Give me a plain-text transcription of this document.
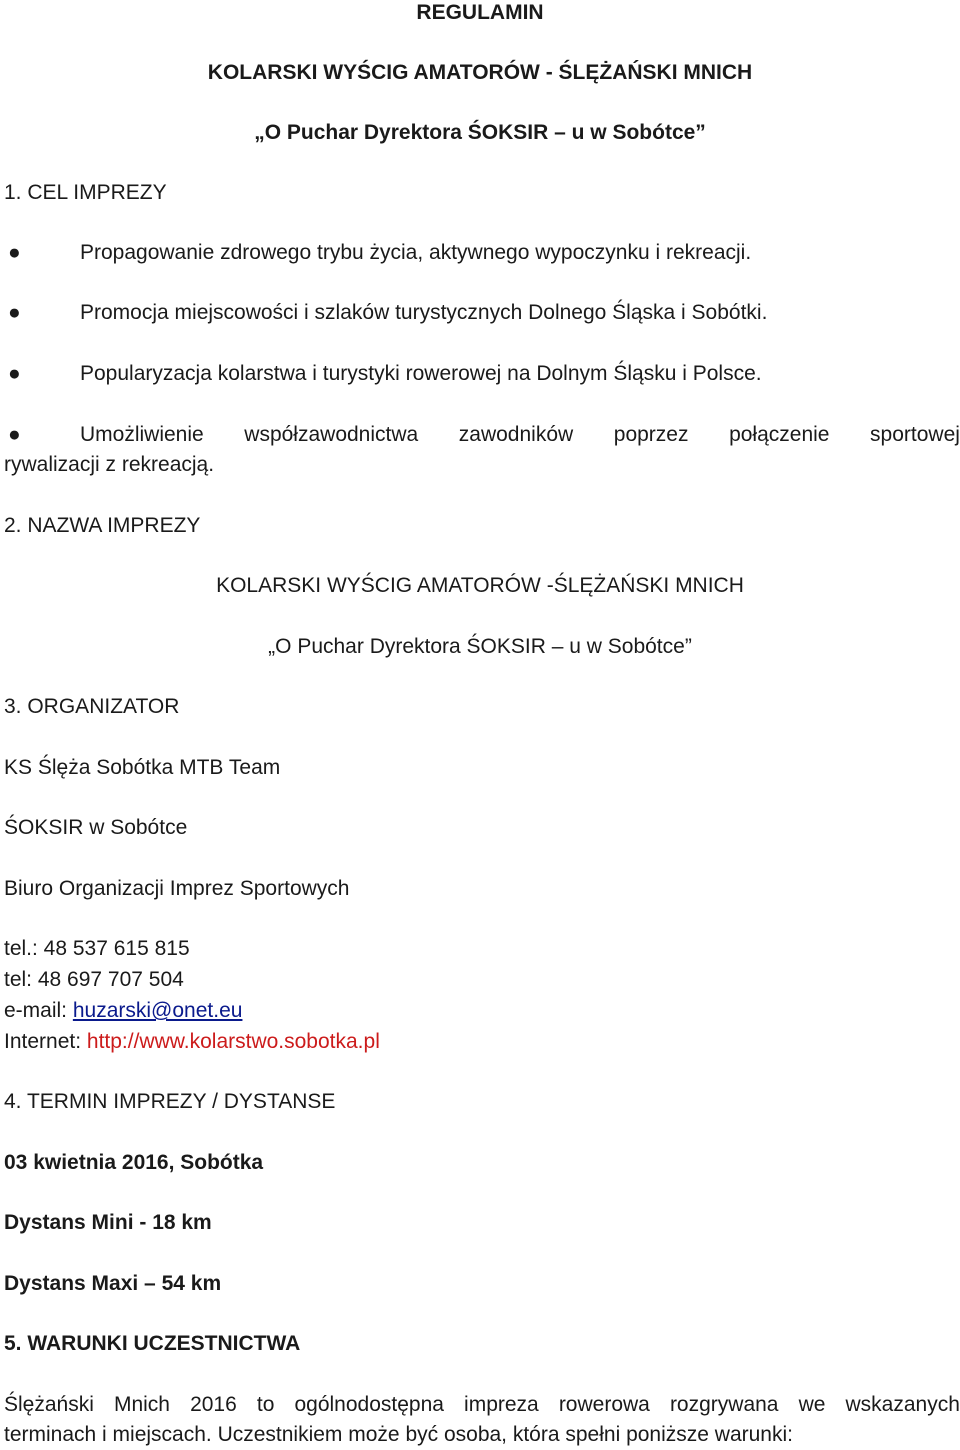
REGULAMIN
KOLARSKI WYŚCIG AMATORÓW - ŚLĘŻAŃSKI MNICH
„O Puchar Dyrektora ŚOKSIR – u w Sobótce”
1. CEL IMPREZY
●	Propagowanie zdrowego trybu życia, aktywnego wypoczynku i rekreacji.
●	Promocja miejscowości i szlaków turystycznych Dolnego Śląska i Sobótki.
●	Popularyzacja kolarstwa i turystyki rowerowej na Dolnym Śląsku i Polsce.
●	Umożliwienie współzawodnictwa zawodników poprzez połączenie sportowej
rywalizacji z rekreacją.
2. NAZWA IMPREZY
KOLARSKI WYŚCIG AMATORÓW -ŚLĘŻAŃSKI MNICH
„O Puchar Dyrektora ŚOKSIR – u w Sobótce”
3. ORGANIZATOR
KS Ślęża Sobótka MTB Team
ŚOKSIR w Sobótce
Biuro Organizacji Imprez Sportowych
tel.: 48 537 615 815
tel: 48 697 707 504
e-mail: huzarski@onet.eu
Internet: http://www.kolarstwo.sobotka.pl
4. TERMIN IMPREZY / DYSTANSE
03 kwietnia 2016, Sobótka
Dystans Mini - 18 km
Dystans Maxi – 54 km
5. WARUNKI UCZESTNICTWA
Ślężański Mnich 2016 to ogólnodostępna impreza rowerowa rozgrywana we wskazanych
terminach i miejscach. Uczestnikiem może być osoba, która spełni poniższe warunki:
